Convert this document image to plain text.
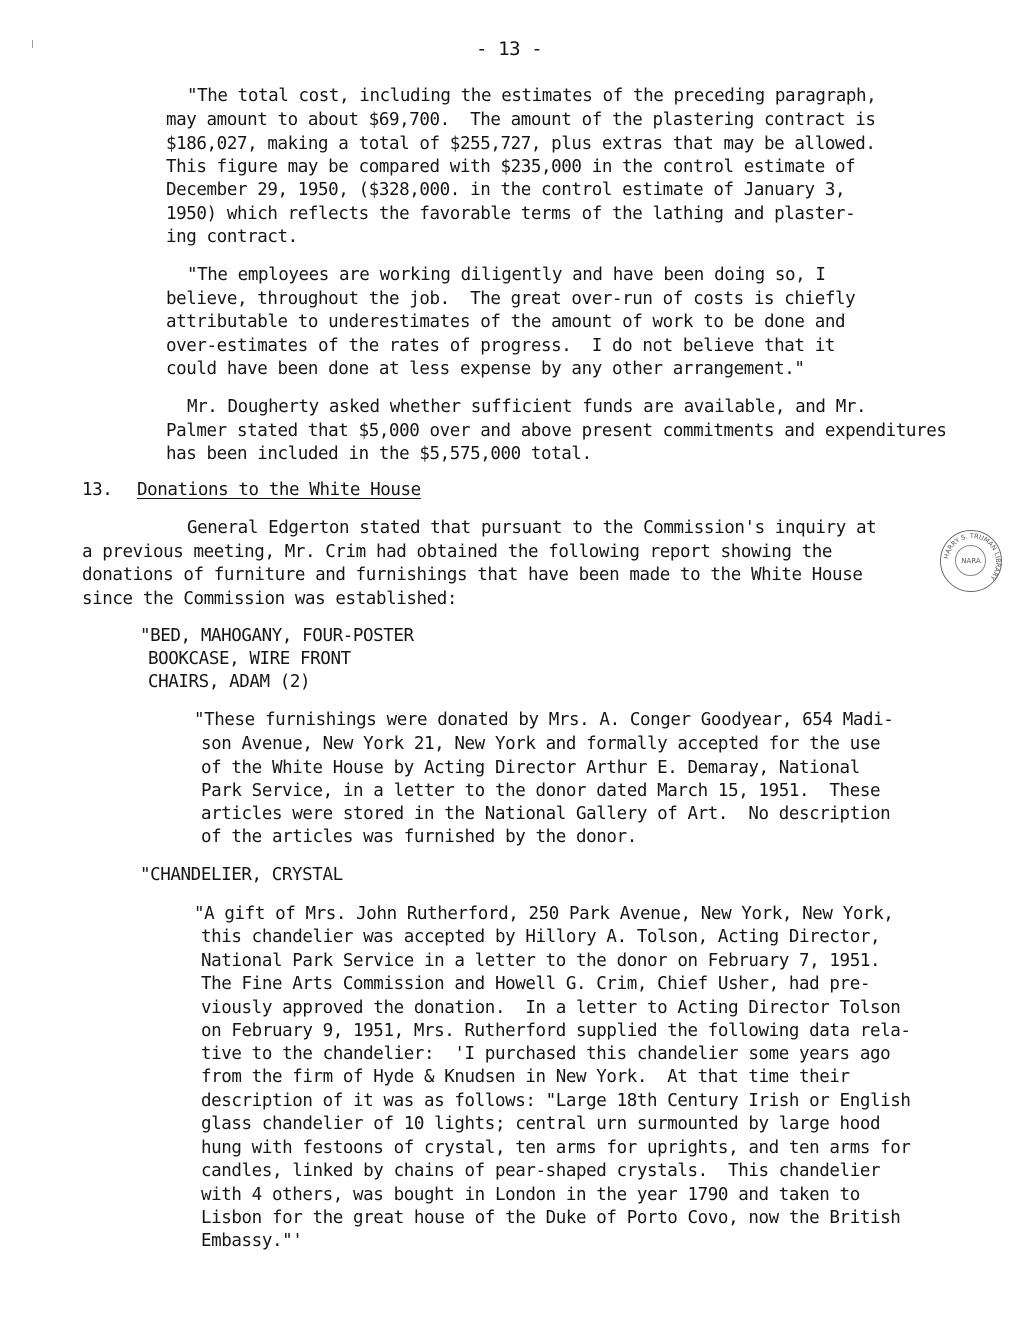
- 13 -
"The total cost, including the estimates of the preceding paragraph,
may amount to about $69,700.  The amount of the plastering contract is
$186,027, making a total of $255,727, plus extras that may be allowed.
This figure may be compared with $235,000 in the control estimate of
December 29, 1950, ($328,000. in the control estimate of January 3,
1950) which reflects the favorable terms of the lathing and plaster-
ing contract.
"The employees are working diligently and have been doing so, I
believe, throughout the job.  The great over-run of costs is chiefly
attributable to underestimates of the amount of work to be done and
over-estimates of the rates of progress.  I do not believe that it
could have been done at less expense by any other arrangement."
Mr. Dougherty asked whether sufficient funds are available, and Mr.
Palmer stated that $5,000 over and above present commitments and expenditures
has been included in the $5,575,000 total.
13. Donations to the White House
General Edgerton stated that pursuant to the Commission's inquiry at
a previous meeting, Mr. Crim had obtained the following report showing the
donations of furniture and furnishings that have been made to the White House
since the Commission was established:
"BED, MAHOGANY, FOUR-POSTER
BOOKCASE, WIRE FRONT
CHAIRS, ADAM (2)
"These furnishings were donated by Mrs. A. Conger Goodyear, 654 Madi-
son Avenue, New York 21, New York and formally accepted for the use
of the White House by Acting Director Arthur E. Demaray, National
Park Service, in a letter to the donor dated March 15, 1951.  These
articles were stored in the National Gallery of Art.  No description
of the articles was furnished by the donor.
"CHANDELIER, CRYSTAL
"A gift of Mrs. John Rutherford, 250 Park Avenue, New York, New York,
this chandelier was accepted by Hillory A. Tolson, Acting Director,
National Park Service in a letter to the donor on February 7, 1951.
The Fine Arts Commission and Howell G. Crim, Chief Usher, had pre-
viously approved the donation.  In a letter to Acting Director Tolson
on February 9, 1951, Mrs. Rutherford supplied the following data rela-
tive to the chandelier:  'I purchased this chandelier some years ago
from the firm of Hyde & Knudsen in New York.  At that time their
description of it was as follows: "Large 18th Century Irish or English
glass chandelier of 10 lights; central urn surmounted by large hood
hung with festoons of crystal, ten arms for uprights, and ten arms for
candles, linked by chains of pear-shaped crystals.  This chandelier
with 4 others, was bought in London in the year 1790 and taken to
Lisbon for the great house of the Duke of Porto Covo, now the British
Embassy."'
HARRY S. TRUMAN LIBRARY
NARA
